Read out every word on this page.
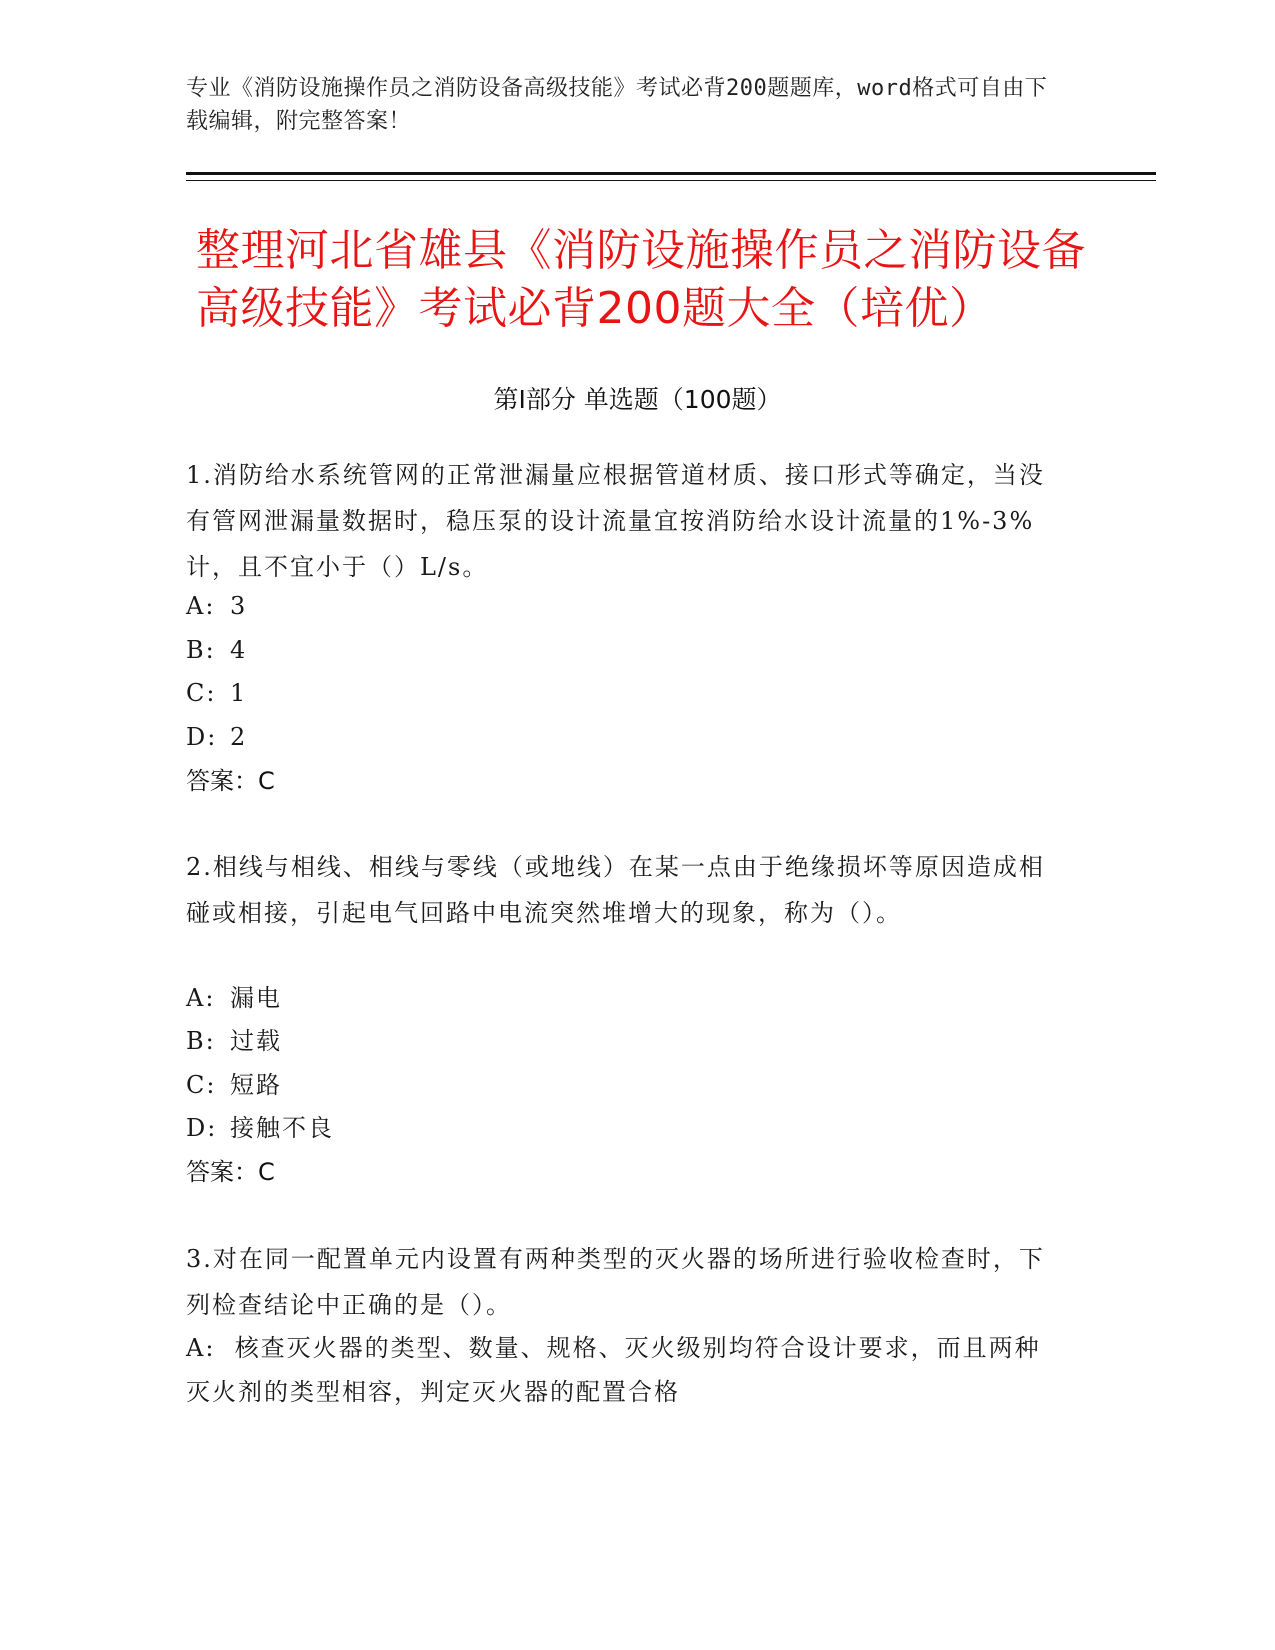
专业《消防设施操作员之消防设备高级技能》考试必背200题题库，word格式可自由下载编辑，附完整答案！
整理河北省雄县《消防设施操作员之消防设备高级技能》考试必背200题大全（培优）
第Ⅰ部分 单选题（100题）
1.消防给水系统管网的正常泄漏量应根据管道材质、接口形式等确定，当没有管网泄漏量数据时，稳压泵的设计流量宜按消防给水设计流量的1%-3%计，且不宜小于（）L/s。
A: 3
B: 4
C: 1
D: 2
答案：C
2.相线与相线、相线与零线（或地线）在某一点由于绝缘损坏等原因造成相碰或相接，引起电气回路中电流突然堆增大的现象，称为（）。
A: 漏电
B: 过载
C: 短路
D: 接触不良
答案：C
3.对在同一配置单元内设置有两种类型的灭火器的场所进行验收检查时，下列检查结论中正确的是（）。
A: 核查灭火器的类型、数量、规格、灭火级别均符合设计要求，而且两种灭火剂的类型相容，判定灭火器的配置合格
